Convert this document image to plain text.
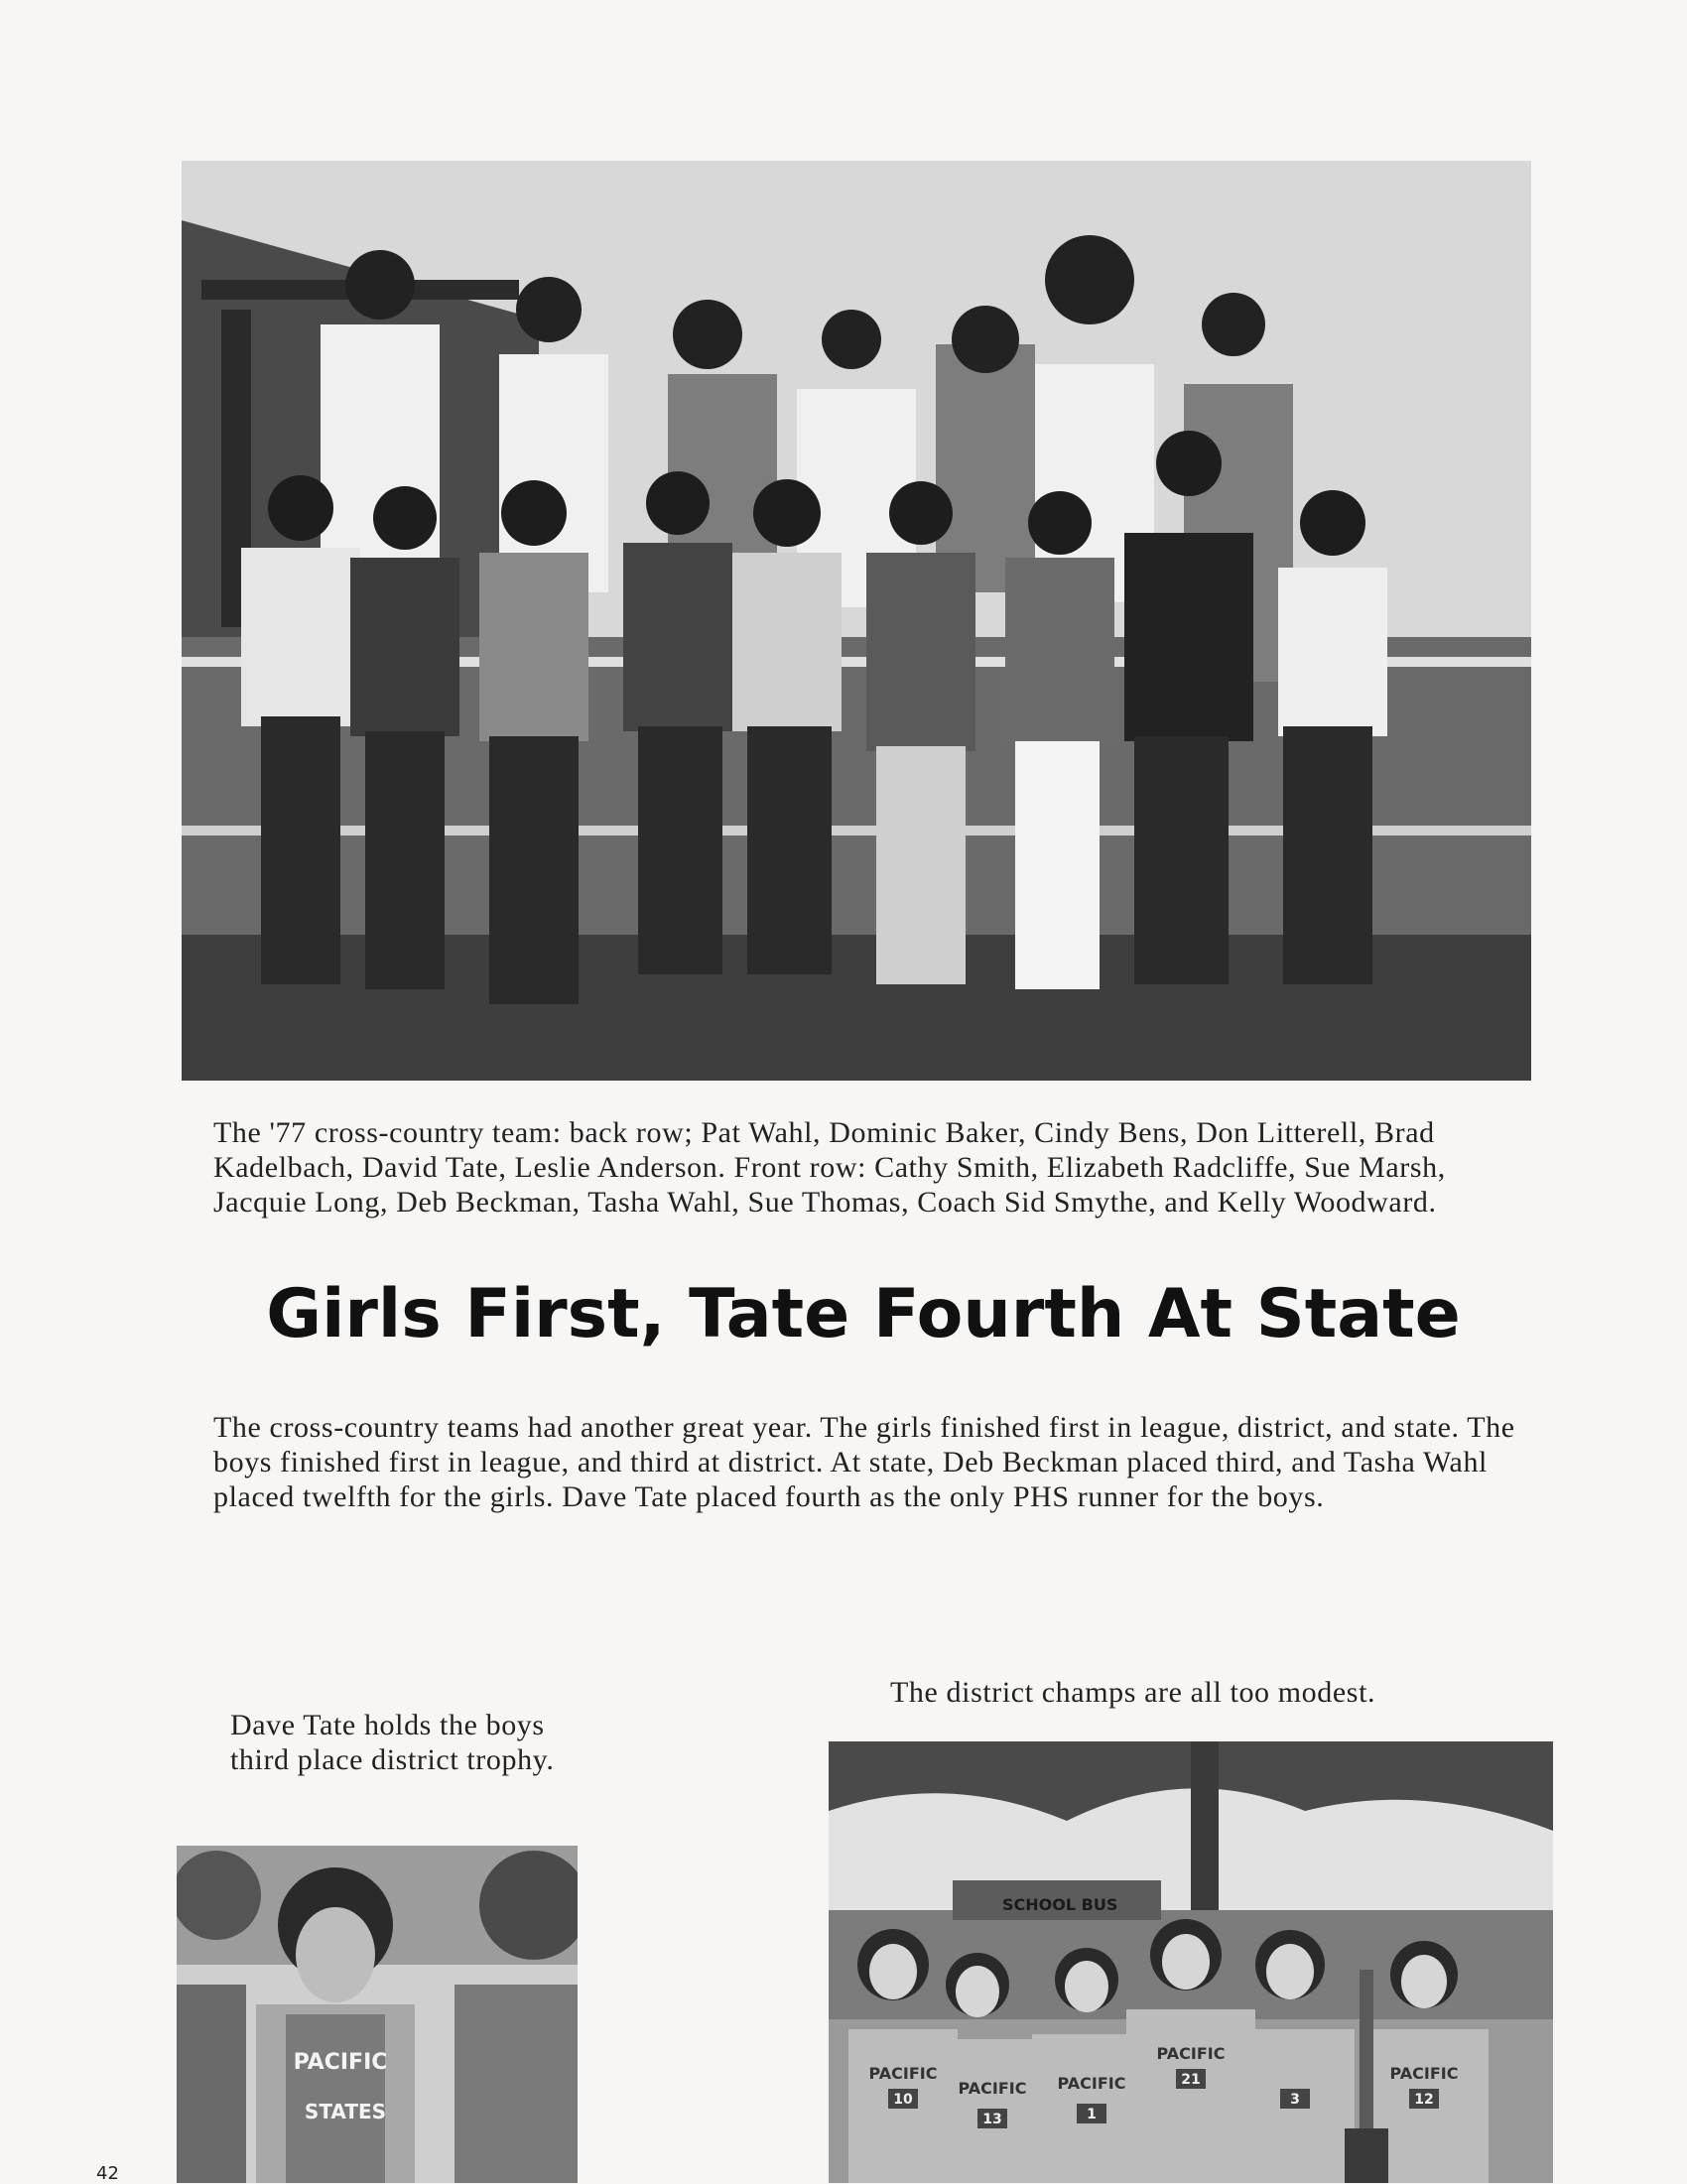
The '77 cross-country team: back row; Pat Wahl, Dominic Baker, Cindy Bens, Don Litterell, Brad Kadelbach, David Tate, Leslie Anderson. Front row: Cathy Smith, Elizabeth Radcliffe, Sue Marsh, Jacquie Long, Deb Beckman, Tasha Wahl, Sue Thomas, Coach Sid Smythe, and Kelly Woodward.
Girls First, Tate Fourth At State
The cross-country teams had another great year. The girls finished first in league, district, and state. The boys finished first in league, and third at district. At state, Deb Beckman placed third, and Tasha Wahl placed twelfth for the girls. Dave Tate placed fourth as the only PHS runner for the boys.
The district champs are all too modest.
Dave Tate holds the boys third place district trophy.
PACIFIC
STATES
SCHOOL BUS
PACIFIC
PACIFIC PACIFIC
PACIFIC
PACIFIC
10
13	1
21
3	12
42
